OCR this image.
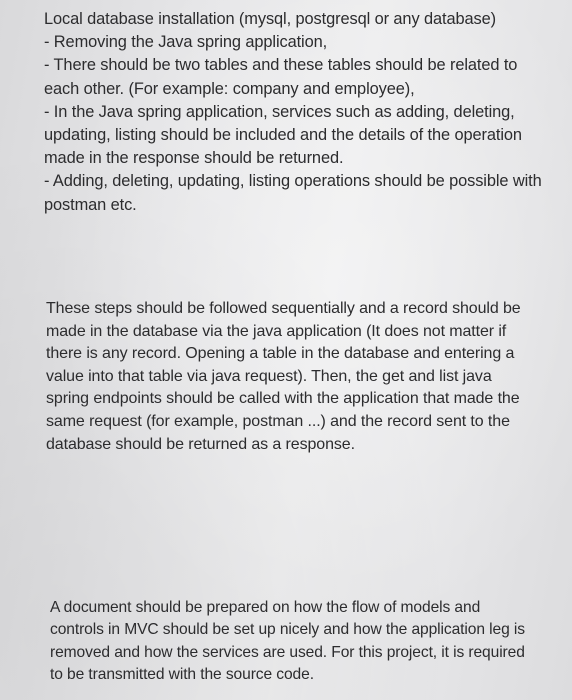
Local database installation (mysql, postgresql or any database)
- Removing the Java spring application,
- There should be two tables and these tables should be related to
each other. (For example: company and employee),
- In the Java spring application, services such as adding, deleting,
updating, listing should be included and the details of the operation
made in the response should be returned.
- Adding, deleting, updating, listing operations should be possible with
postman etc.

These steps should be followed sequentially and a record should be
made in the database via the java application (It does not matter if
there is any record. Opening a table in the database and entering a
value into that table via java request). Then, the get and list java
spring endpoints should be called with the application that made the
same request (for example, postman ...) and the record sent to the
database should be returned as a response.

A document should be prepared on how the flow of models and
controls in MVC should be set up nicely and how the application leg is
removed and how the services are used. For this project, it is required
to be transmitted with the source code.
